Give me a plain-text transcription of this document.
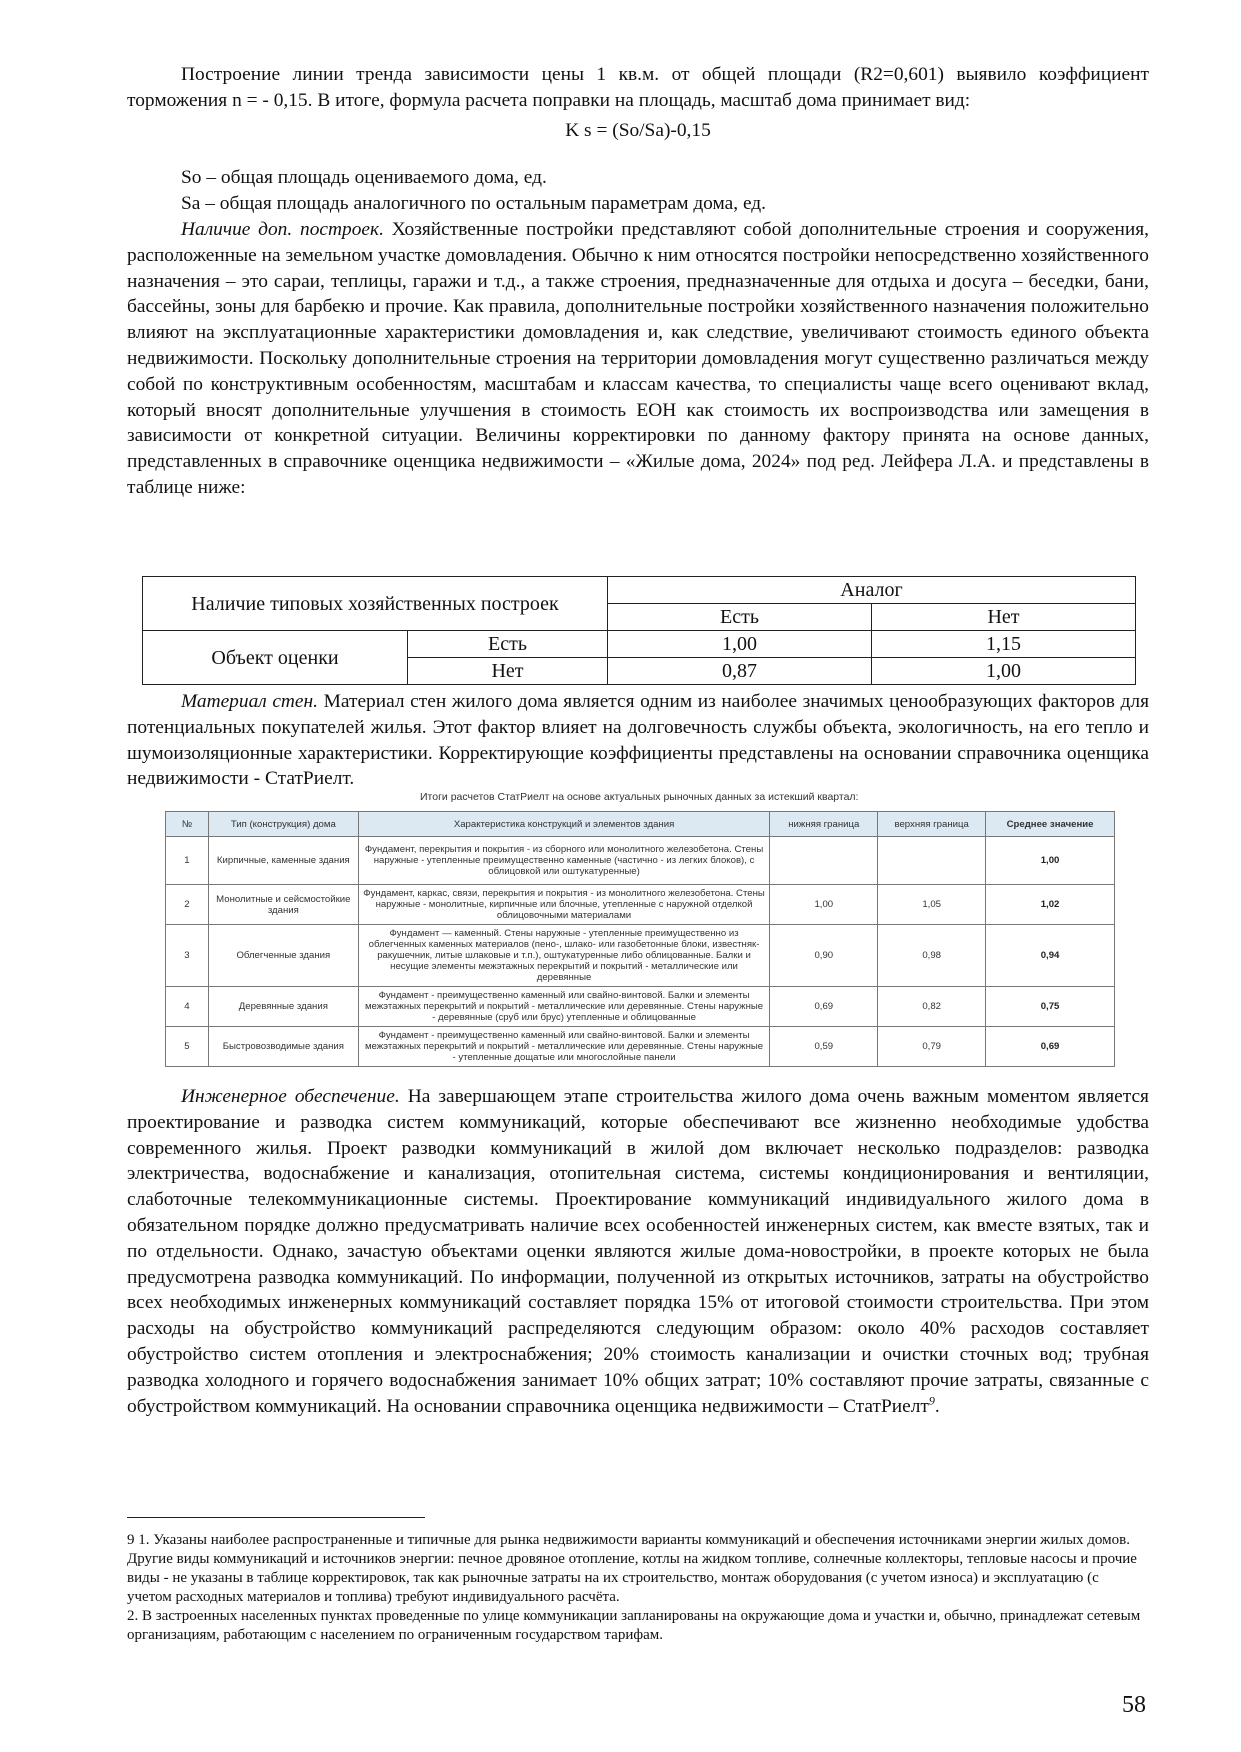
Построение линии тренда зависимости цены 1 кв.м. от общей площади (R2=0,601) выявило коэффициент торможения n = - 0,15. В итоге, формула расчета поправки на площадь, масштаб дома принимает вид:

K s = (So/Sa)-0,15

So – общая площадь оцениваемого дома, ед.

Sa – общая площадь аналогичного по остальным параметрам дома, ед.

Наличие доп. построек. Хозяйственные постройки представляют собой дополнительные строения и сооружения, расположенные на земельном участке домовладения. Обычно к ним относятся постройки непосредственно хозяйственного назначения – это сараи, теплицы, гаражи и т.д., а также строения, предназначенные для отдыха и досуга – беседки, бани, бассейны, зоны для барбекю и прочие. Как правила, дополнительные постройки хозяйственного назначения положительно влияют на эксплуатационные характеристики домовладения и, как следствие, увеличивают стоимость единого объекта недвижимости. Поскольку дополнительные строения на территории домовладения могут существенно различаться между собой по конструктивным особенностям, масштабам и классам качества, то специалисты чаще всего оценивают вклад, который вносят дополнительные улучшения в стоимость ЕОН как стоимость их воспроизводства или замещения в зависимости от конкретной ситуации. Величины корректировки по данному фактору принята на основе данных, представленных в справочнике оценщика недвижимости – «Жилые дома, 2024» под ред. Лейфера Л.А. и представлены в таблице ниже:

Наличие типовых хозяйственных построек		Аналог	
		Есть	Нет
Объект оценки	Есть	1,00	1,15
	Нет	0,87	1,00

Материал стен. Материал стен жилого дома является одним из наиболее значимых ценообразующих факторов для потенциальных покупателей жилья. Этот фактор влияет на долговечность службы объекта, экологичность, на его тепло и шумоизоляционные характеристики. Корректирующие коэффициенты представлены на основании справочника оценщика недвижимости - СтатРиелт.

Итоги расчетов СтатРиелт на основе актуальных рыночных данных за истекший квартал:
№	Тип (конструкция) дома	Характеристика конструкций и элементов здания	нижняя граница	верхняя граница	Среднее значение
1	Кирпичные, каменные здания	Фундамент, перекрытия и покрытия - из сборного или монолитного железобетона. Стены наружные - утепленные преимущественно каменные (частично - из легких блоков), с облицовкой или оштукатуренные)			1,00
2	Монолитные и сейсмостойкие здания	Фундамент, каркас, связи, перекрытия и покрытия - из монолитного железобетона. Стены наружные - монолитные, кирпичные или блочные, утепленные с наружной отделкой облицовочными материалами	1,00	1,05	1,02
3	Облегченные здания	Фундамент — каменный. Стены наружные - утепленные преимущественно из облегченных каменных материалов (пено-, шлако- или газобетонные блоки, известняк-ракушечник, литые шлаковые и т.п.), оштукатуренные либо облицованные. Балки и несущие элементы межэтажных перекрытий и покрытий - металлические или деревянные	0,90	0,98	0,94
4	Деревянные здания	Фундамент - преимущественно каменный или свайно-винтовой. Балки и элементы межэтажных перекрытий и покрытий - металлические или деревянные. Стены наружные - деревянные (сруб или брус) утепленные и облицованные	0,69	0,82	0,75
5	Быстровозводимые здания	Фундамент - преимущественно каменный или свайно-винтовой. Балки и элементы межэтажных перекрытий и покрытий - металлические или деревянные. Стены наружные - утепленные дощатые или многослойные панели	0,59	0,79	0,69

Инженерное обеспечение. На завершающем этапе строительства жилого дома очень важным моментом является проектирование и разводка систем коммуникаций, которые обеспечивают все жизненно необходимые удобства современного жилья. Проект разводки коммуникаций в жилой дом включает несколько подразделов: разводка электричества, водоснабжение и канализация, отопительная система, системы кондиционирования и вентиляции, слаботочные телекоммуникационные системы. Проектирование коммуникаций индивидуального жилого дома в обязательном порядке должно предусматривать наличие всех особенностей инженерных систем, как вместе взятых, так и по отдельности. Однако, зачастую объектами оценки являются жилые дома-новостройки, в проекте которых не была предусмотрена разводка коммуникаций. По информации, полученной из открытых источников, затраты на обустройство всех необходимых инженерных коммуникаций составляет порядка 15% от итоговой стоимости строительства. При этом расходы на обустройство коммуникаций распределяются следующим образом: около 40% расходов составляет обустройство систем отопления и электроснабжения; 20% стоимость канализации и очистки сточных вод; трубная разводка холодного и горячего водоснабжения занимает 10% общих затрат; 10% составляют прочие затраты, связанные с обустройством коммуникаций. На основании справочника оценщика недвижимости – СтатРиелт$^9$.

9 1. Указаны наиболее распространенные и типичные для рынка недвижимости варианты коммуникаций и обеспечения источниками энергии жилых домов. Другие виды коммуникаций и источников энергии: печное дровяное отопление, котлы на жидком топливе, солнечные коллекторы, тепловые насосы и прочие виды - не указаны в таблице корректировок, так как рыночные затраты на их строительство, монтаж оборудования (с учетом износа) и эксплуатацию (с учетом расходных материалов и топлива) требуют индивидуального расчёта.

2. В застроенных населенных пунктах проведенные по улице коммуникации запланированы на окружающие дома и участки и, обычно, принадлежат сетевым организациям, работающим с населением по ограниченным государством тарифам.

58
